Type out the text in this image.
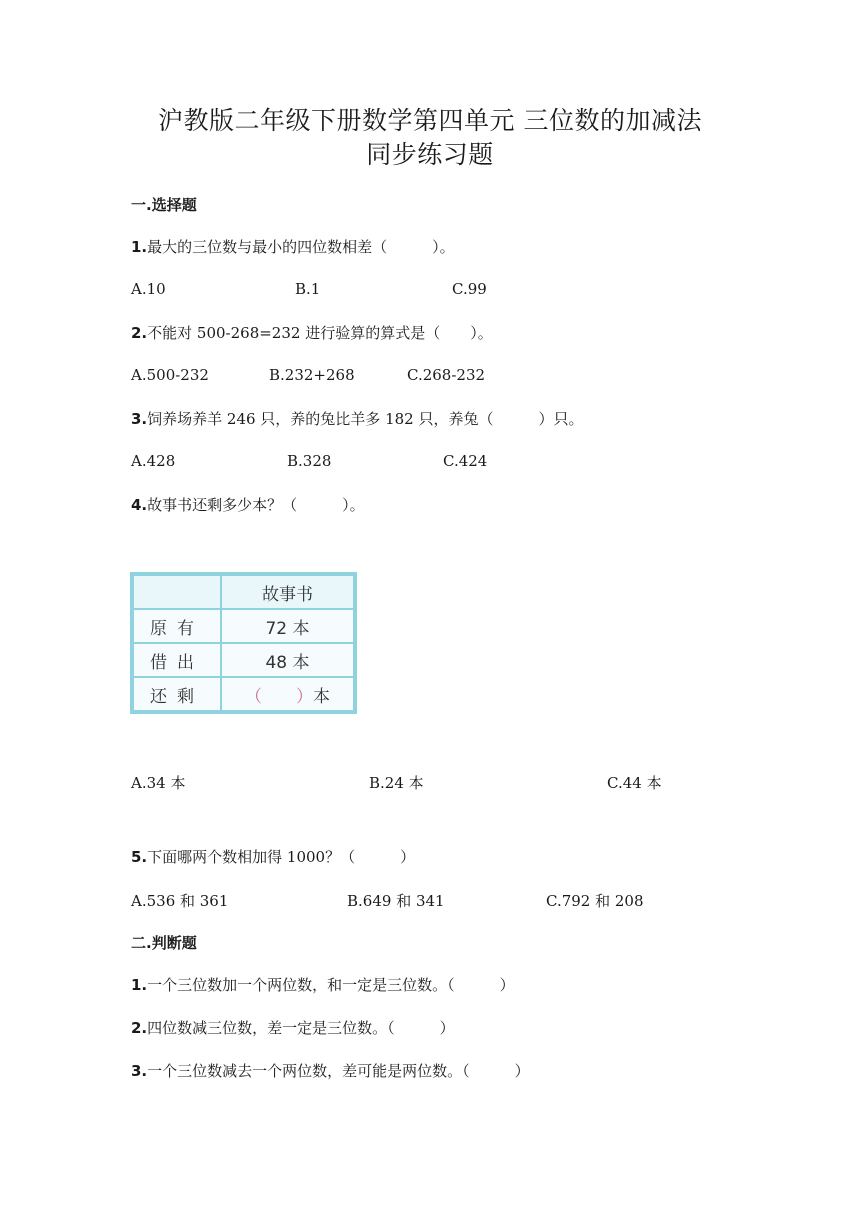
沪教版二年级下册数学第四单元 三位数的加减法
同步练习题
一.选择题
1.最大的三位数与最小的四位数相差（　　　）。
A.10	B.1	C.99
2.不能对 500-268=232 进行验算的算式是（　　）。
A.500-232	B.232+268	C.268-232
3.饲养场养羊 246 只，养的兔比羊多 182 只，养兔（　　　）只。
A.428	B.328	C.424
4.故事书还剩多少本？（　　　）。
	故事书
原有	72 本
借出	48 本
还剩	（　　）本
A.34 本	B.24 本	C.44 本
5.下面哪两个数相加得 1000？（　　　）
A.536 和 361	B.649 和 341	C.792 和 208
二.判断题
1.一个三位数加一个两位数，和一定是三位数。（　　　）
2.四位数减三位数，差一定是三位数。（　　　）
3.一个三位数减去一个两位数，差可能是两位数。（　　　）
